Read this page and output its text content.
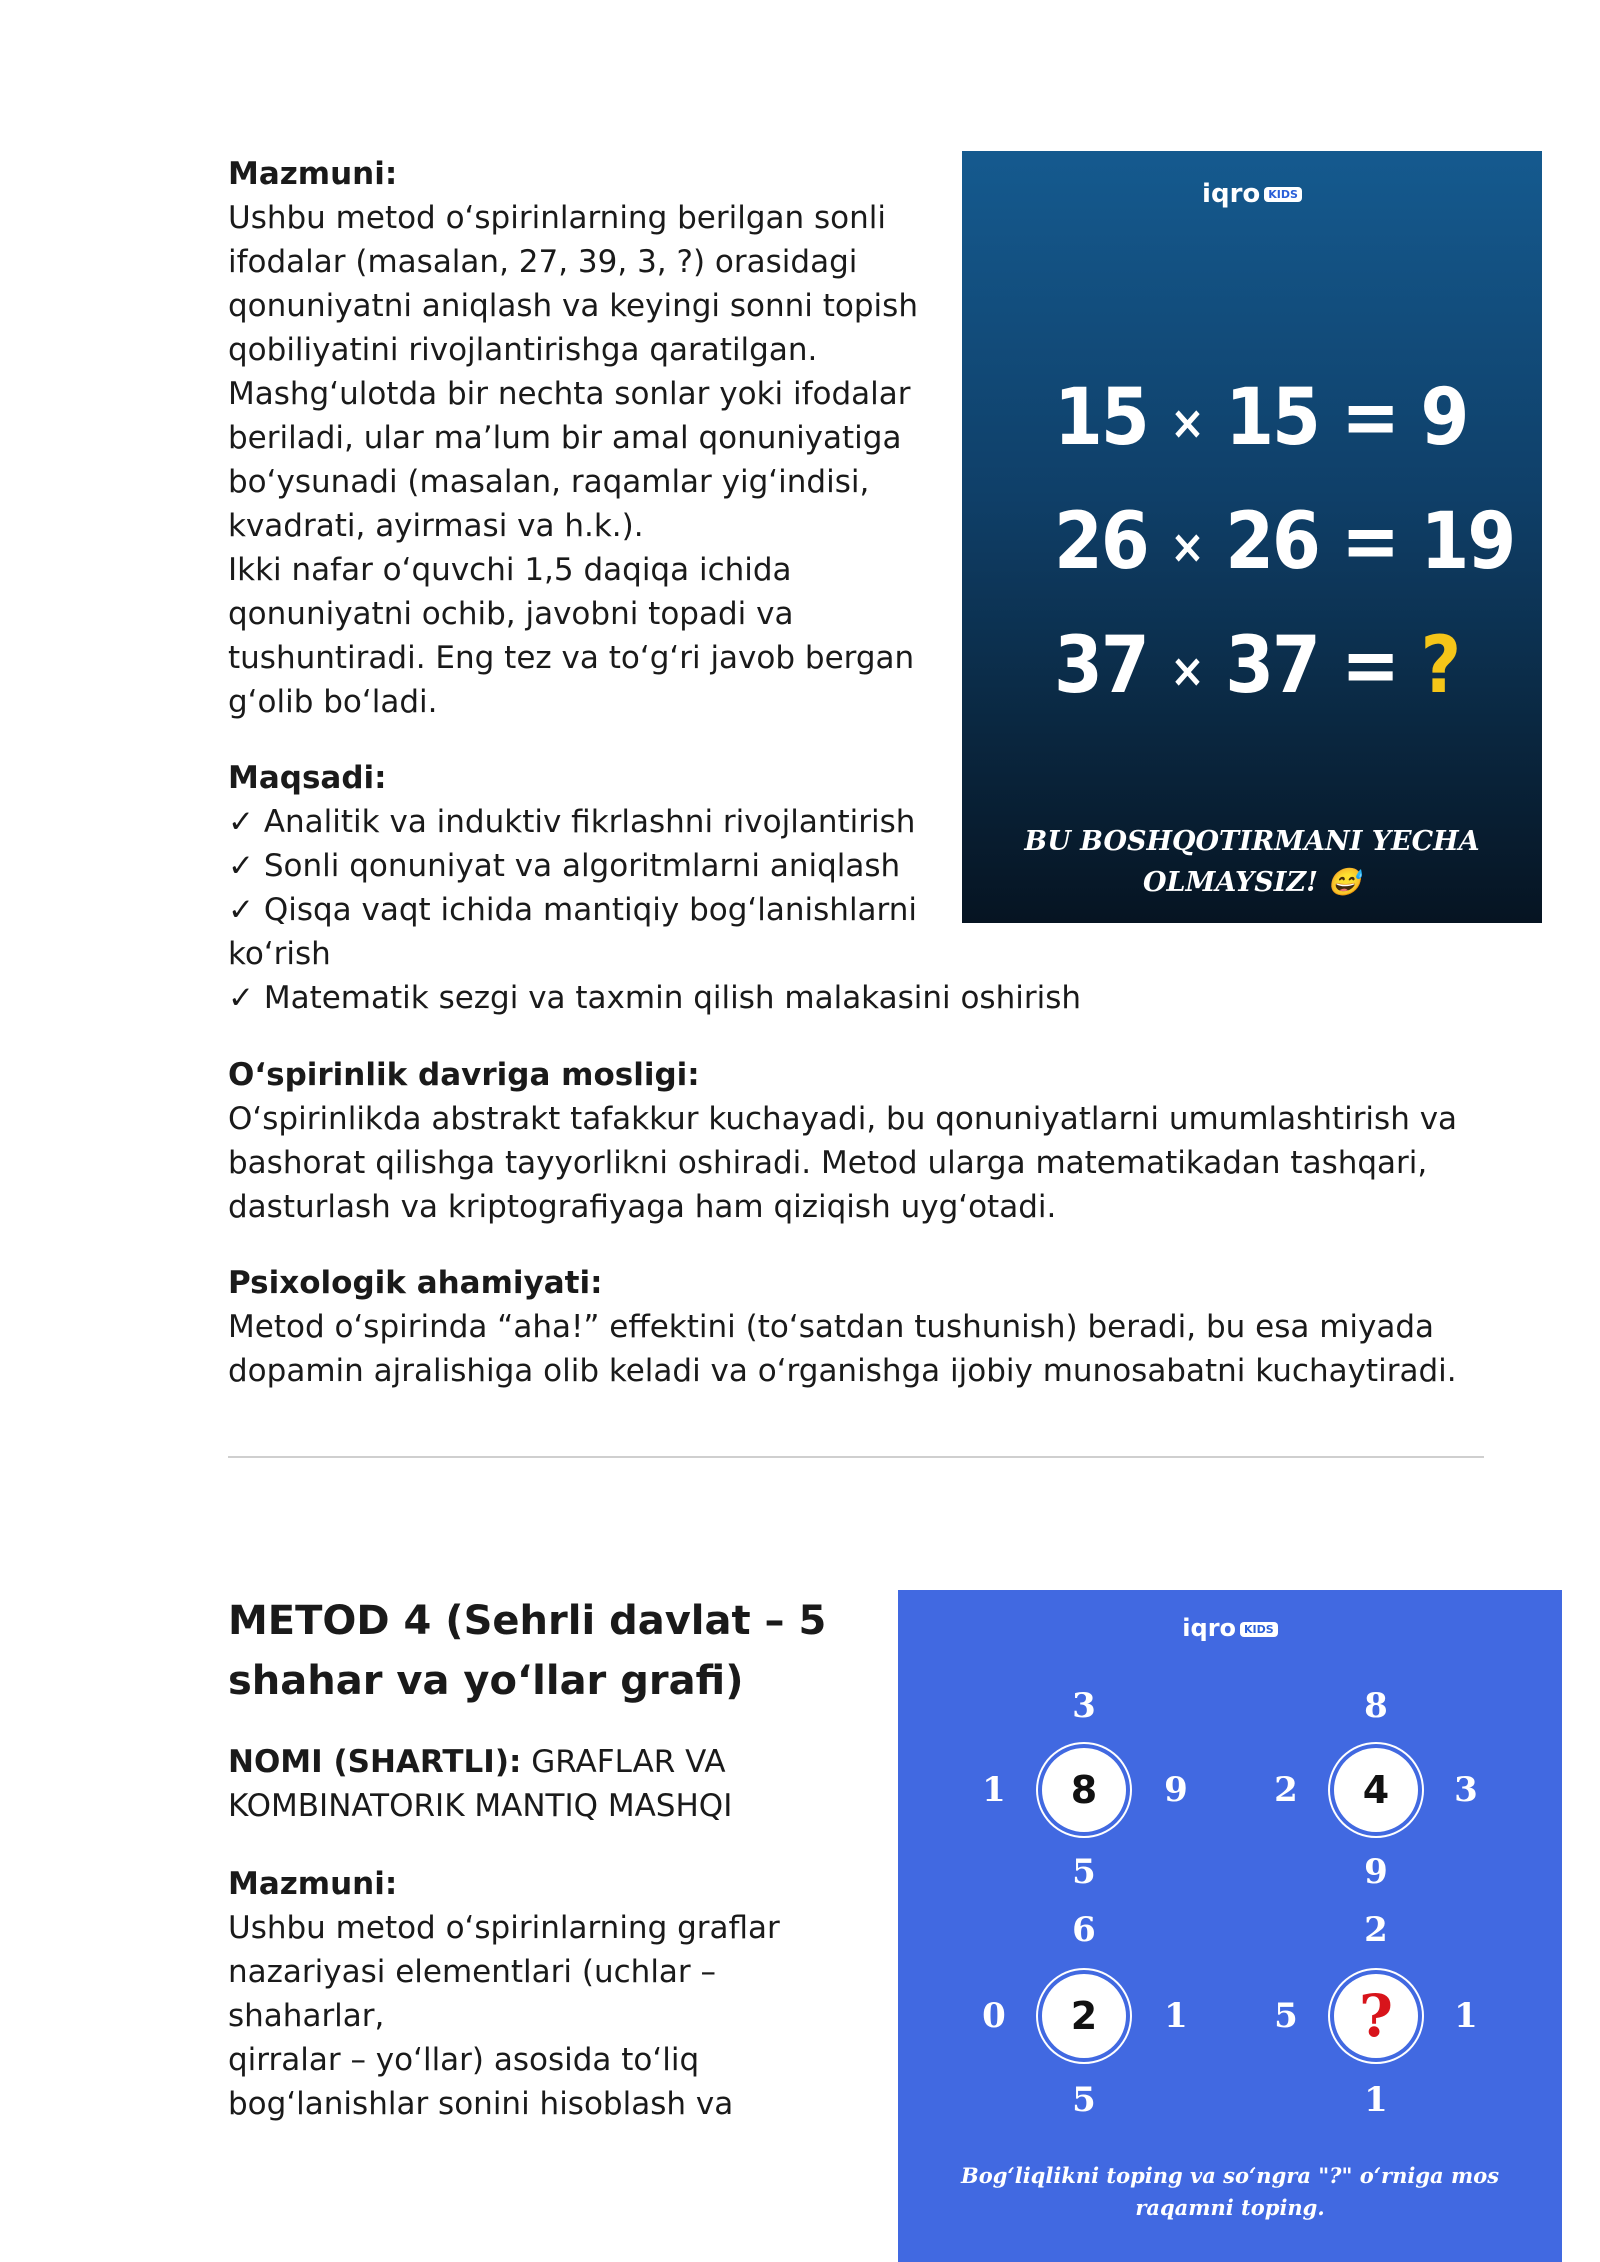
Mazmuni:

Ushbu metod o‘spirinlarning berilgan sonli

ifodalar (masalan, 27, 39, 3, ?) orasidagi

qonuniyatni aniqlash va keyingi sonni topish

qobiliyatini rivojlantirishga qaratilgan.

Mashg‘ulotda bir nechta sonlar yoki ifodalar

beriladi, ular ma’lum bir amal qonuniyatiga

bo‘ysunadi (masalan, raqamlar yig‘indisi,

kvadrati, ayirmasi va h.k.).

Ikki nafar o‘quvchi 1,5 daqiqa ichida

qonuniyatni ochib, javobni topadi va

tushuntiradi. Eng tez va to‘g‘ri javob bergan

g‘olib bo‘ladi.

Maqsadi:

✓ Analitik va induktiv fikrlashni rivojlantirish

✓ Sonli qonuniyat va algoritmlarni aniqlash

✓ Qisqa vaqt ichida mantiqiy bog‘lanishlarni

ko‘rish

✓ Matematik sezgi va taxmin qilish malakasini oshirish

O‘spirinlik davriga mosligi:

O‘spirinlikda abstrakt tafakkur kuchayadi, bu qonuniyatlarni umumlashtirish va

bashorat qilishga tayyorlikni oshiradi. Metod ularga matematikadan tashqari,

dasturlash va kriptografiyaga ham qiziqish uyg‘otadi.

Psixologik ahamiyati:

Metod o‘spirinda “aha!” effektini (to‘satdan tushunish) beradi, bu esa miyada

dopamin ajralishiga olib keladi va o‘rganishga ijobiy munosabatni kuchaytiradi.

iqro KIDS
15 × 15 = 9
26 × 26 = 19
37 × 37 = ?
BU BOSHQOTIRMANI YECHA
OLMAYSIZ! 😅

METOD 4 (Sehrli davlat – 5

shahar va yo‘llar grafi)

NOMI (SHARTLI): GRAFLAR VA

KOMBINATORIK MANTIQ MASHQI

Mazmuni:

Ushbu metod o‘spirinlarning graflar

nazariyasi elementlari (uchlar – shaharlar,

qirralar – yo‘llar) asosida to‘liq

bog‘lanishlar sonini hisoblash va

iqro KIDS
3
1	8	9
5
8
2	4	3
9
6
0	2	1
5
2
5	?	1
1
Bog‘liqlikni toping va so‘ngra "?" o‘rniga mos
raqamni toping.
